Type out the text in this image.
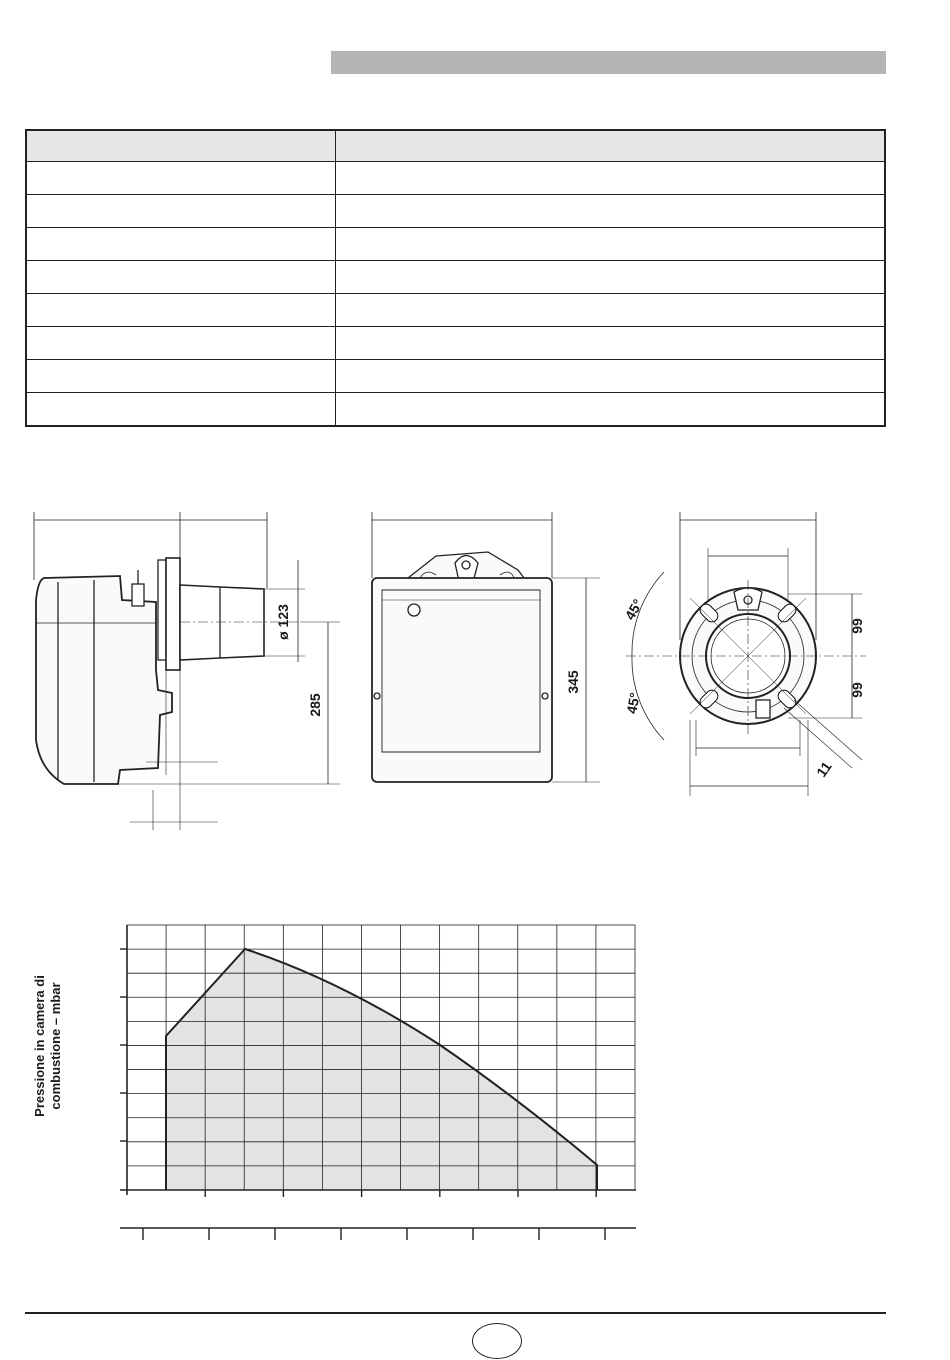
ø 123
285
345
45°
45°
99
99
11
Pressione in camera di combustione – mbar
